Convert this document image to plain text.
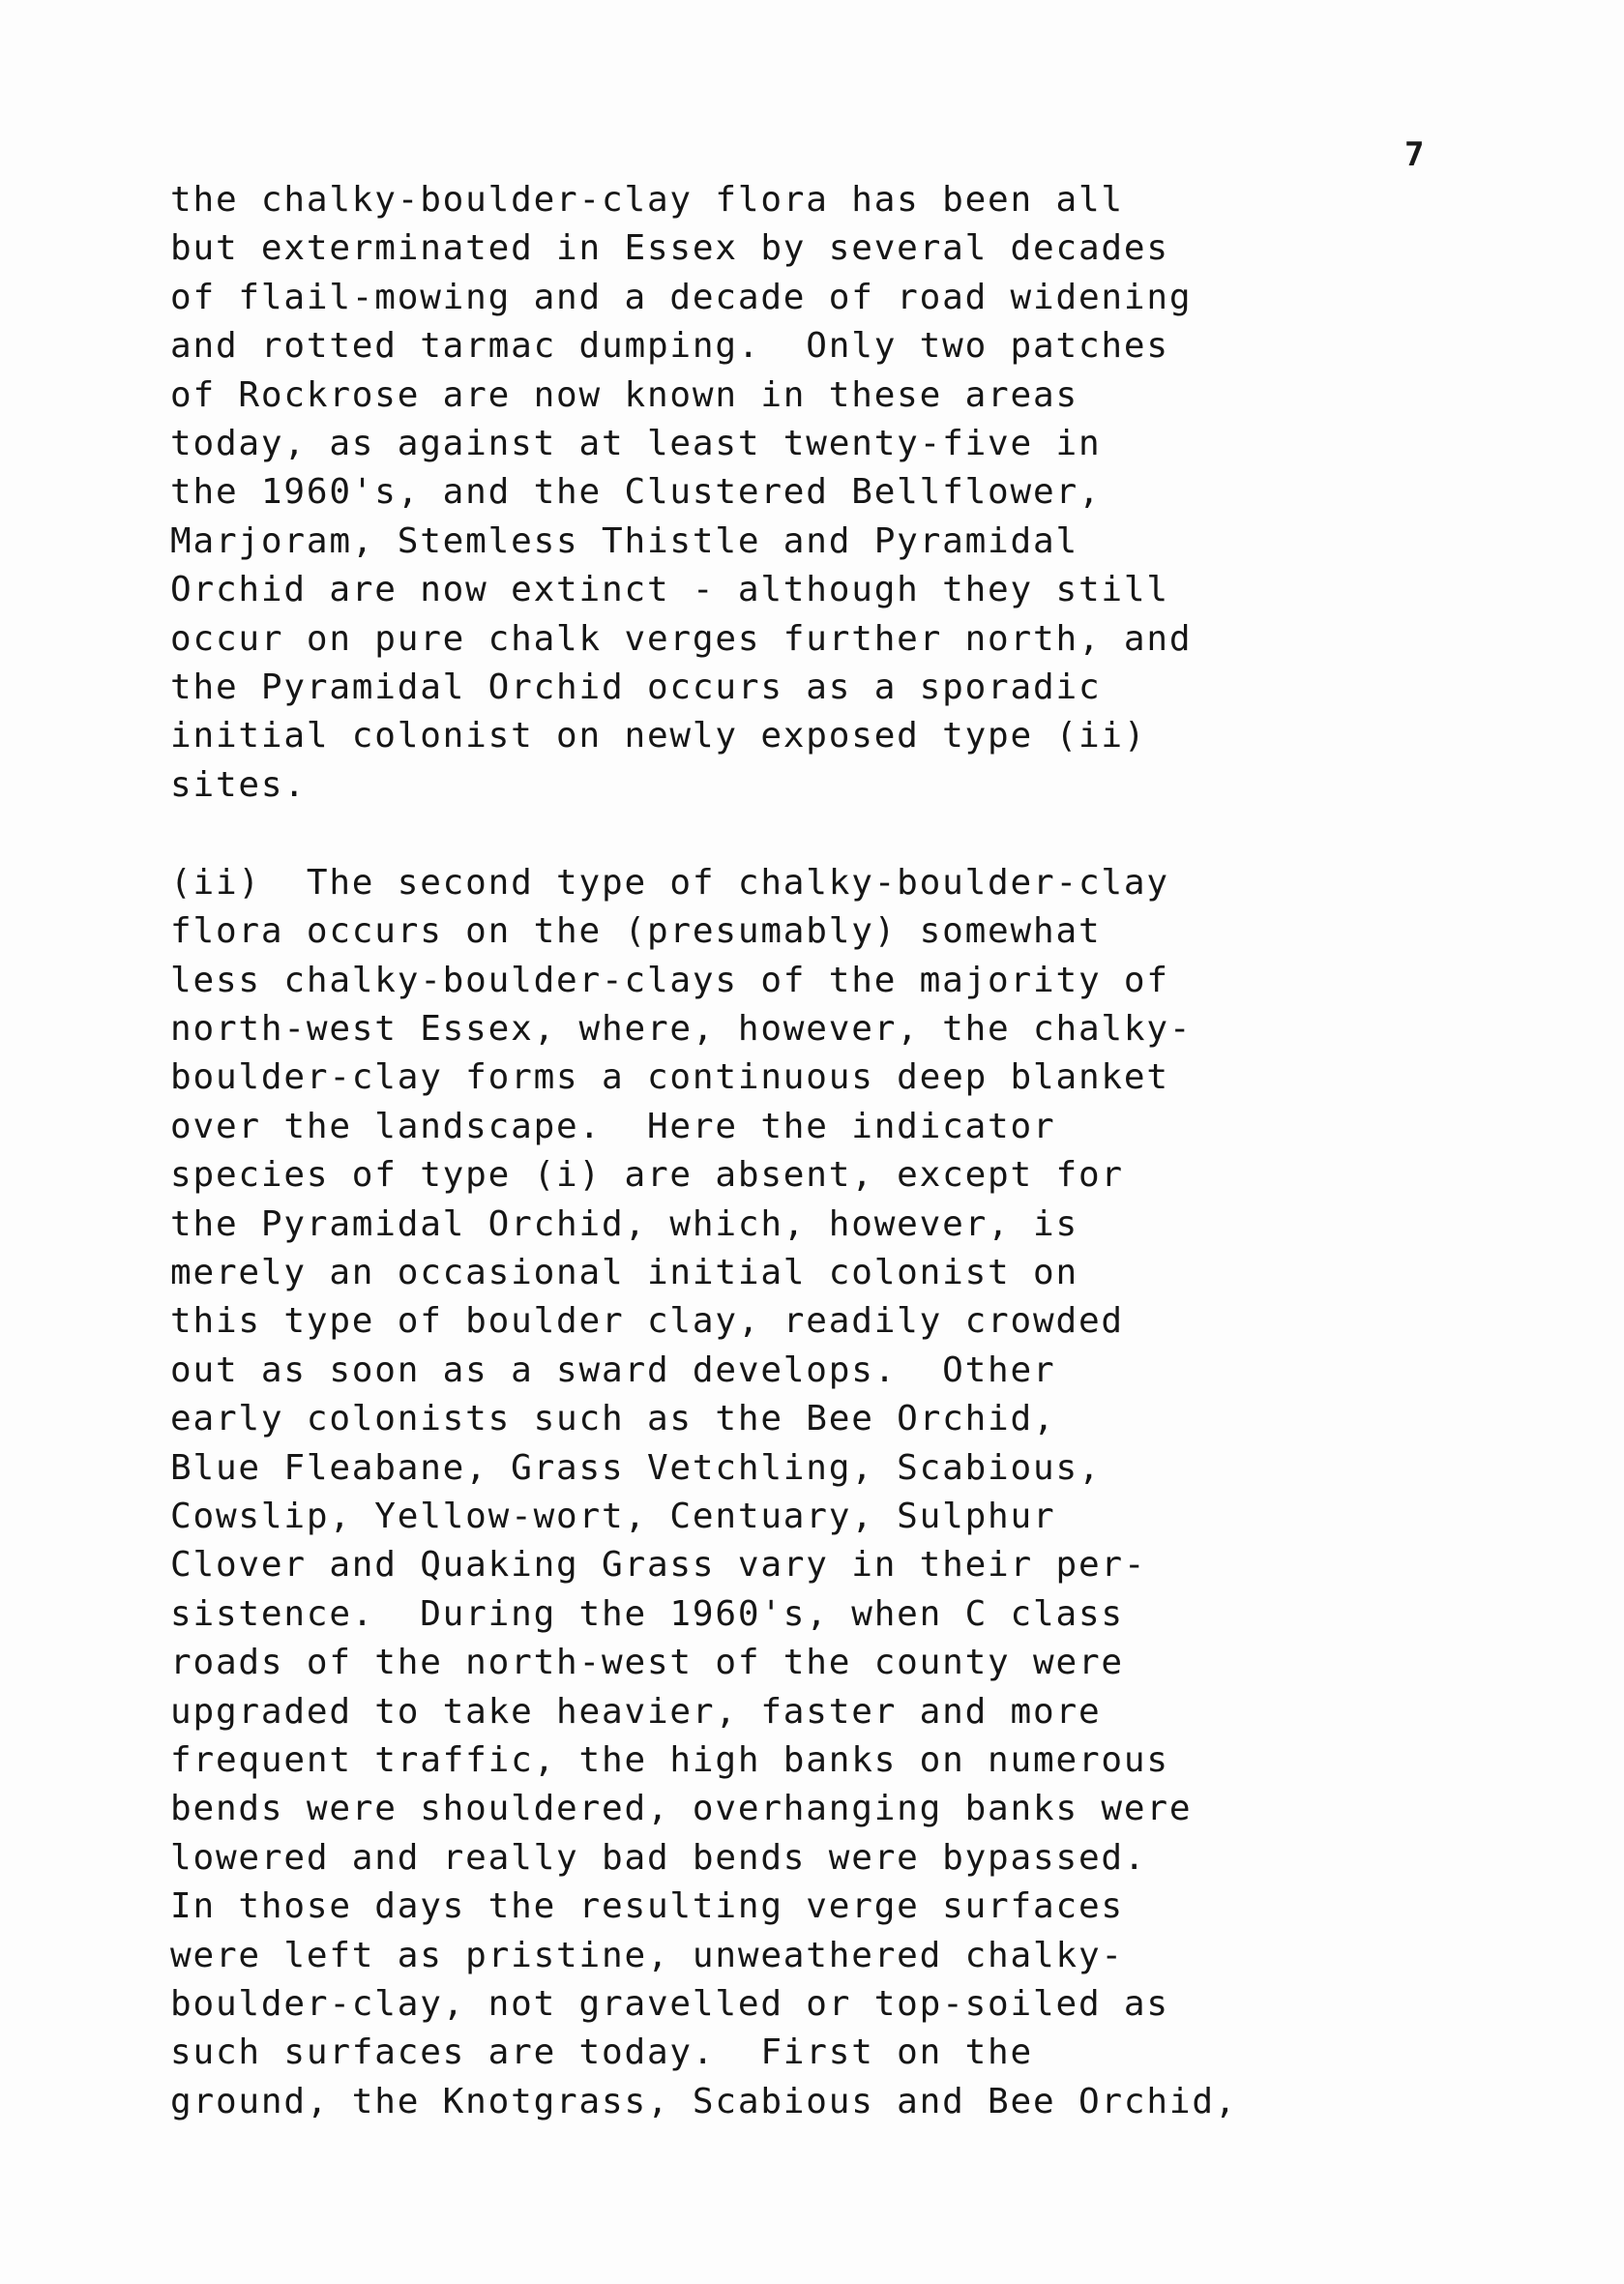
7
the chalky-boulder-clay flora has been all
but exterminated in Essex by several decades
of flail-mowing and a decade of road widening
and rotted tarmac dumping.  Only two patches
of Rockrose are now known in these areas
today, as against at least twenty-five in
the 1960's, and the Clustered Bellflower,
Marjoram, Stemless Thistle and Pyramidal
Orchid are now extinct - although they still
occur on pure chalk verges further north, and
the Pyramidal Orchid occurs as a sporadic
initial colonist on newly exposed type (ii)
sites.

(ii)  The second type of chalky-boulder-clay
flora occurs on the (presumably) somewhat
less chalky-boulder-clays of the majority of
north-west Essex, where, however, the chalky-
boulder-clay forms a continuous deep blanket
over the landscape.  Here the indicator
species of type (i) are absent, except for
the Pyramidal Orchid, which, however, is
merely an occasional initial colonist on
this type of boulder clay, readily crowded
out as soon as a sward develops.  Other
early colonists such as the Bee Orchid,
Blue Fleabane, Grass Vetchling, Scabious,
Cowslip, Yellow-wort, Centuary, Sulphur
Clover and Quaking Grass vary in their per-
sistence.  During the 1960's, when C class
roads of the north-west of the county were
upgraded to take heavier, faster and more
frequent traffic, the high banks on numerous
bends were shouldered, overhanging banks were
lowered and really bad bends were bypassed.
In those days the resulting verge surfaces
were left as pristine, unweathered chalky-
boulder-clay, not gravelled or top-soiled as
such surfaces are today.  First on the
ground, the Knotgrass, Scabious and Bee Orchid,
